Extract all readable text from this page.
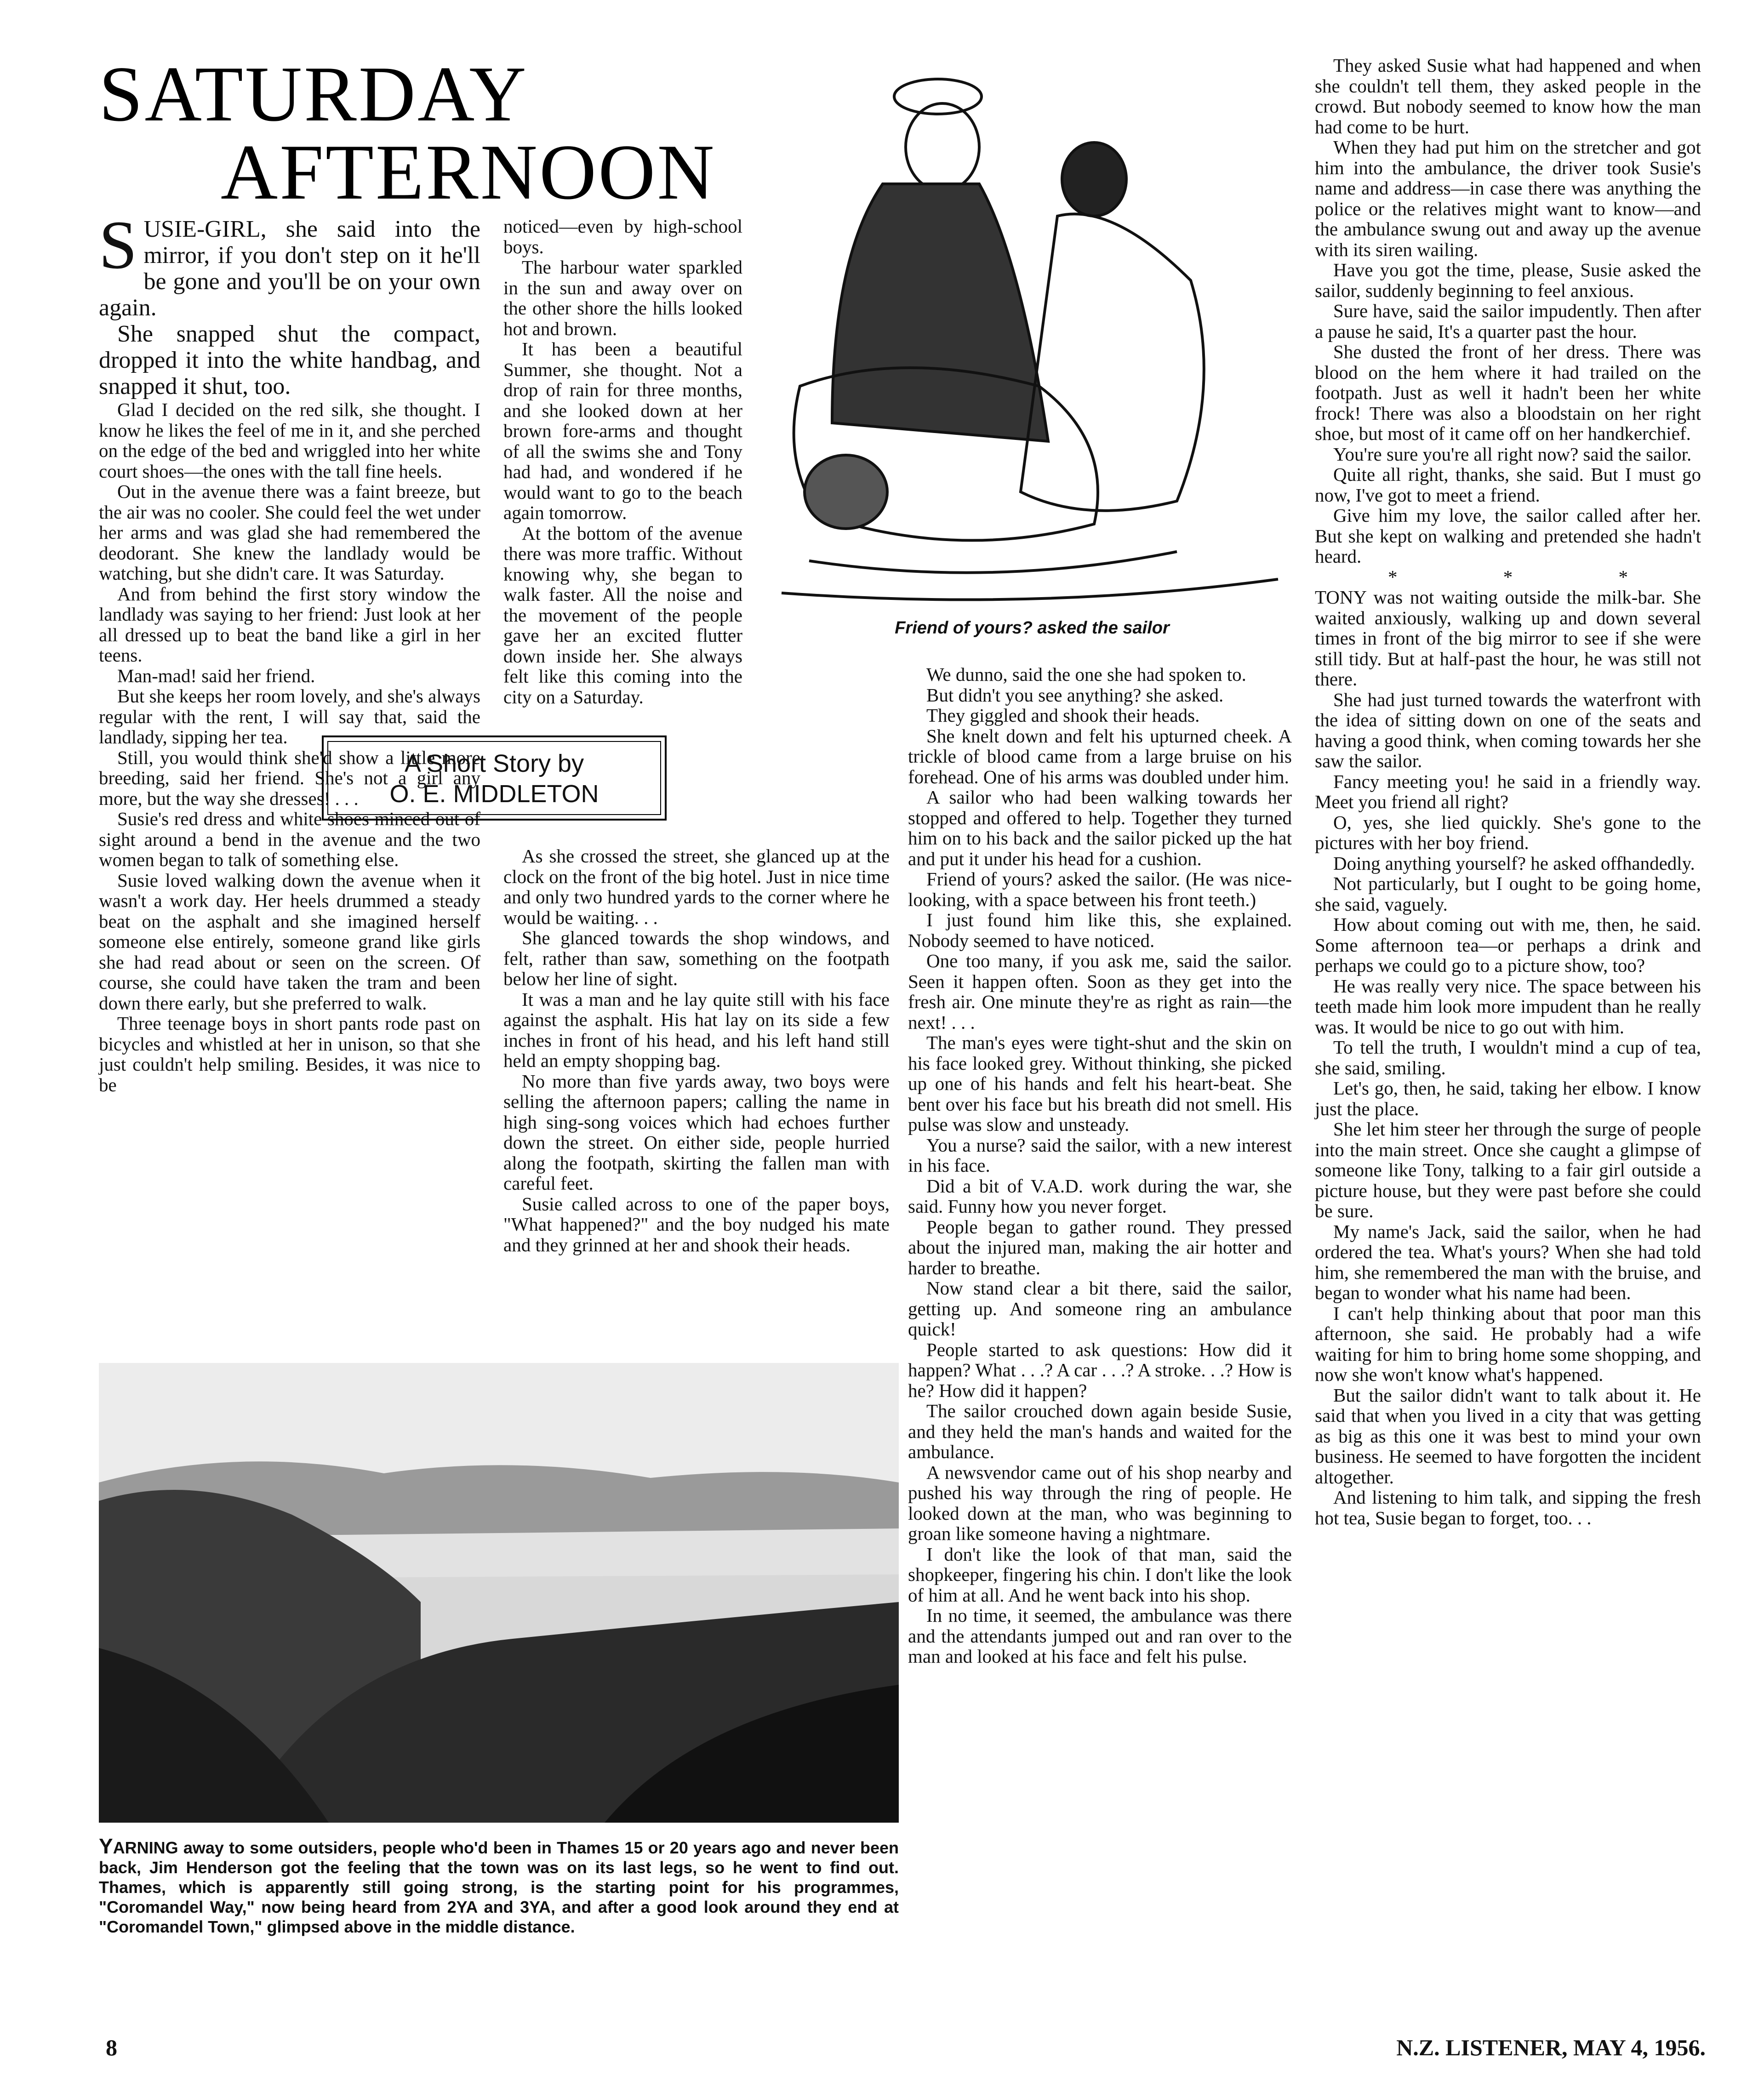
SATURDAY

AFTERNOON

SUSIE-GIRL, she said into the mirror, if you don't step on it he'll be gone and you'll be on your own again.

She snapped shut the compact, dropped it into the white handbag, and snapped it shut, too.

Glad I decided on the red silk, she thought. I know he likes the feel of me in it, and she perched on the edge of the bed and wriggled into her white court shoes—the ones with the tall fine heels.

Out in the avenue there was a faint breeze, but the air was no cooler. She could feel the wet under her arms and was glad she had remembered the deodorant. She knew the landlady would be watching, but she didn't care. It was Saturday.

And from behind the first story window the landlady was saying to her friend: Just look at her all dressed up to beat the band like a girl in her teens.

Man-mad! said her friend.

But she keeps her room lovely, and she's always regular with the rent, I will say that, said the landlady, sipping her tea.

Still, you would think she'd show a little more breeding, said her friend. She's not a girl any more, but the way she dresses! . . .

Susie's red dress and white shoes minced out of sight around a bend in the avenue and the two women began to talk of something else.

Susie loved walking down the avenue when it wasn't a work day. Her heels drummed a steady beat on the asphalt and she imagined herself someone else entirely, someone grand like girls she had read about or seen on the screen. Of course, she could have taken the tram and been down there early, but she preferred to walk.

Three teenage boys in short pants rode past on bicycles and whistled at her in unison, so that she just couldn't help smiling. Besides, it was nice to be

A Short Story by
O. E. MIDDLETON

noticed—even by high-school boys.

The harbour water sparkled in the sun and away over on the other shore the hills looked hot and brown.

It has been a beautiful Summer, she thought. Not a drop of rain for three months, and she looked down at her brown fore-arms and thought of all the swims she and Tony had had, and wondered if he would want to go to the beach again tomorrow.

At the bottom of the avenue there was more traffic. Without knowing why, she began to walk faster. All the noise and the movement of the people gave her an excited flutter down inside her. She always felt like this coming into the city on a Saturday.

As she crossed the street, she glanced up at the clock on the front of the big hotel. Just in nice time and only two hundred yards to the corner where he would be waiting. . .

She glanced towards the shop windows, and felt, rather than saw, something on the footpath below her line of sight.

It was a man and he lay quite still with his face against the asphalt. His hat lay on its side a few inches in front of his head, and his left hand still held an empty shopping bag.

No more than five yards away, two boys were selling the afternoon papers; calling the name in high sing-song voices which had echoes further down the street. On either side, people hurried along the footpath, skirting the fallen man with careful feet.

Susie called across to one of the paper boys, "What happened?" and the boy nudged his mate and they grinned at her and shook their heads.

Friend of yours? asked the sailor

We dunno, said the one she had spoken to.

But didn't you see anything? she asked.

They giggled and shook their heads.

She knelt down and felt his upturned cheek. A trickle of blood came from a large bruise on his forehead. One of his arms was doubled under him.

A sailor who had been walking towards her stopped and offered to help. Together they turned him on to his back and the sailor picked up the hat and put it under his head for a cushion.

Friend of yours? asked the sailor. (He was nice-looking, with a space between his front teeth.)

I just found him like this, she explained. Nobody seemed to have noticed.

One too many, if you ask me, said the sailor. Seen it happen often. Soon as they get into the fresh air. One minute they're as right as rain—the next! . . .

The man's eyes were tight-shut and the skin on his face looked grey. Without thinking, she picked up one of his hands and felt his heart-beat. She bent over his face but his breath did not smell. His pulse was slow and unsteady.

You a nurse? said the sailor, with a new interest in his face.

Did a bit of V.A.D. work during the war, she said. Funny how you never forget.

People began to gather round. They pressed about the injured man, making the air hotter and harder to breathe.

Now stand clear a bit there, said the sailor, getting up. And someone ring an ambulance quick!

People started to ask questions: How did it happen? What . . .? A car . . .? A stroke. . .? How is he? How did it happen?

The sailor crouched down again beside Susie, and they held the man's hands and waited for the ambulance.

A newsvendor came out of his shop nearby and pushed his way through the ring of people. He looked down at the man, who was beginning to groan like someone having a nightmare.

I don't like the look of that man, said the shopkeeper, fingering his chin. I don't like the look of him at all. And he went back into his shop.

In no time, it seemed, the ambulance was there and the attendants jumped out and ran over to the man and looked at his face and felt his pulse.

They asked Susie what had happened and when she couldn't tell them, they asked people in the crowd. But nobody seemed to know how the man had come to be hurt.

When they had put him on the stretcher and got him into the ambulance, the driver took Susie's name and address—in case there was anything the police or the relatives might want to know—and the ambulance swung out and away up the avenue with its siren wailing.

Have you got the time, please, Susie asked the sailor, suddenly beginning to feel anxious.

Sure have, said the sailor impudently. Then after a pause he said, It's a quarter past the hour.

She dusted the front of her dress. There was blood on the hem where it had trailed on the footpath. Just as well it hadn't been her white frock! There was also a bloodstain on her right shoe, but most of it came off on her handkerchief.

You're sure you're all right now? said the sailor.

Quite all right, thanks, she said. But I must go now, I've got to meet a friend.

Give him my love, the sailor called after her. But she kept on walking and pretended she hadn't heard.

* * *

TONY was not waiting outside the milk-bar. She waited anxiously, walking up and down several times in front of the big mirror to see if she were still tidy. But at half-past the hour, he was still not there.

She had just turned towards the waterfront with the idea of sitting down on one of the seats and having a good think, when coming towards her she saw the sailor.

Fancy meeting you! he said in a friendly way. Meet you friend all right?

O, yes, she lied quickly. She's gone to the pictures with her boy friend.

Doing anything yourself? he asked offhandedly.

Not particularly, but I ought to be going home, she said, vaguely.

How about coming out with me, then, he said. Some afternoon tea—or perhaps a drink and perhaps we could go to a picture show, too?

He was really very nice. The space between his teeth made him look more impudent than he really was. It would be nice to go out with him.

To tell the truth, I wouldn't mind a cup of tea, she said, smiling.

Let's go, then, he said, taking her elbow. I know just the place.

She let him steer her through the surge of people into the main street. Once she caught a glimpse of someone like Tony, talking to a fair girl outside a picture house, but they were past before she could be sure.

My name's Jack, said the sailor, when he had ordered the tea. What's yours? When she had told him, she remembered the man with the bruise, and began to wonder what his name had been.

I can't help thinking about that poor man this afternoon, she said. He probably had a wife waiting for him to bring home some shopping, and now she won't know what's happened.

But the sailor didn't want to talk about it. He said that when you lived in a city that was getting as big as this one it was best to mind your own business. He seemed to have forgotten the incident altogether.

And listening to him talk, and sipping the fresh hot tea, Susie began to forget, too. . .

YARNING away to some outsiders, people who'd been in Thames 15 or 20 years ago and never been back, Jim Henderson got the feeling that the town was on its last legs, so he went to find out. Thames, which is apparently still going strong, is the starting point for his programmes, "Coromandel Way," now being heard from 2YA and 3YA, and after a good look around they end at "Coromandel Town," glimpsed above in the middle distance.
8	N.Z. LISTENER, MAY 4, 1956.
